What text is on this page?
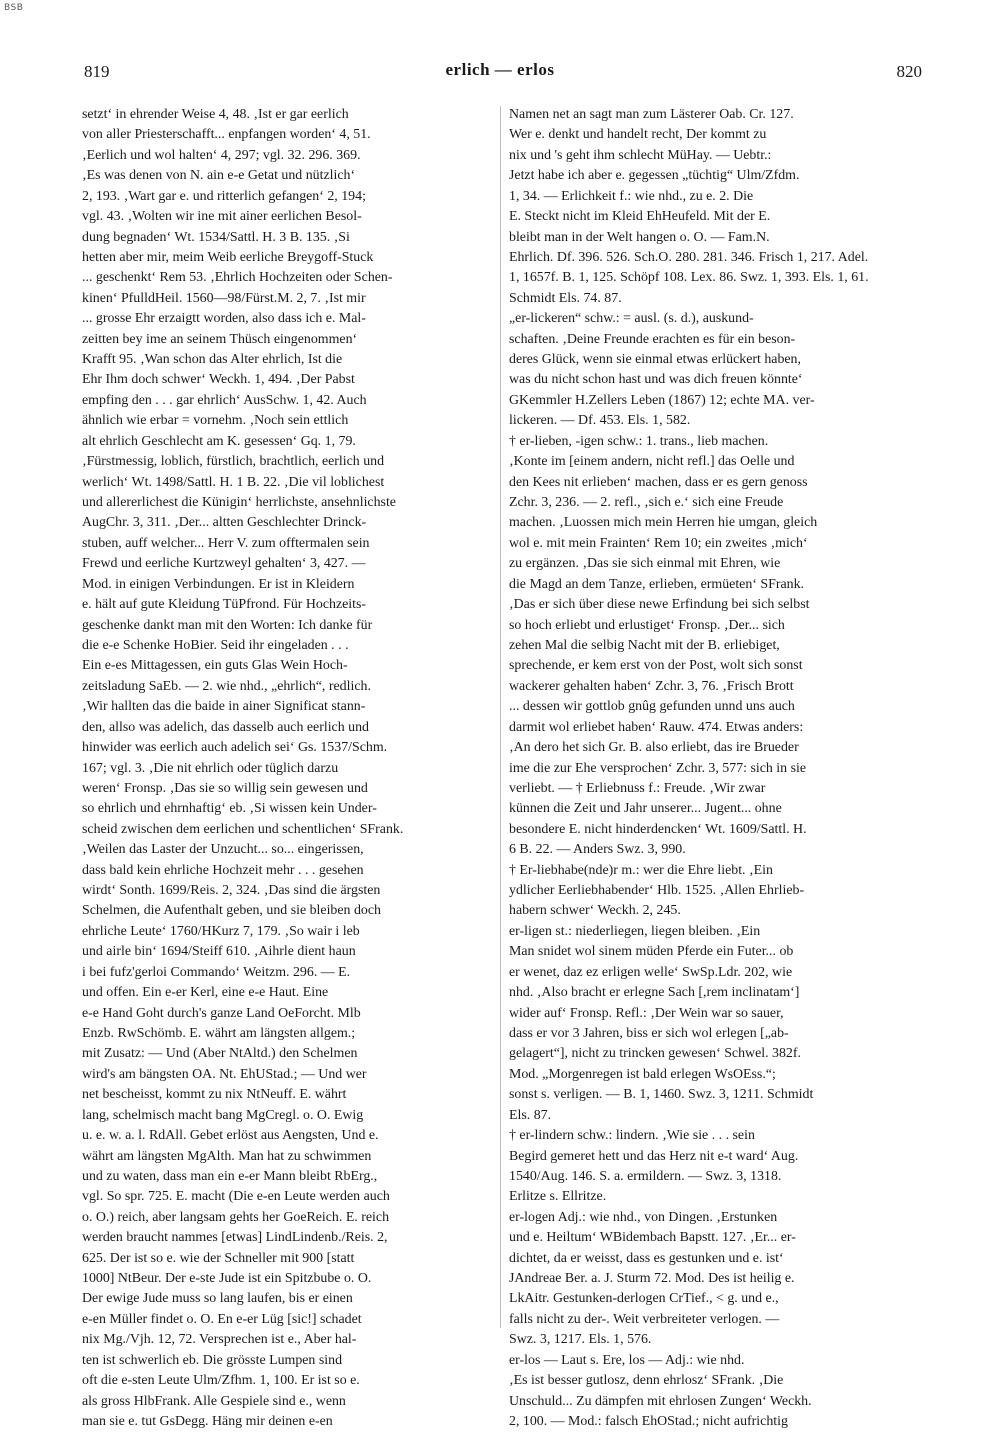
BSB
819	erlich — erlos	820

setzt‘ in ehrender Weise 4, 48. ‚Ist er gar eerlich

von aller Priesterschafft... enpfangen worden‘ 4, 51.

‚Eerlich und wol halten‘ 4, 297; vgl. 32. 296. 369.

‚Es was denen von N. ain e-e Getat und nützlich‘

2, 193. ‚Wart gar e. und ritterlich gefangen‘ 2, 194;

vgl. 43. ‚Wolten wir ine mit ainer eerlichen Besol-

dung begnaden‘ Wt. 1534/Sattl. H. 3 B. 135. ‚Si

hetten aber mir, meim Weib eerliche Breygoff-Stuck

... geschenkt‘ Rem 53. ‚Ehrlich Hochzeiten oder Schen-

kinen‘ PfulldHeil. 1560—98/Fürst.M. 2, 7. ‚Ist mir

... grosse Ehr erzaigtt worden, also dass ich e. Mal-

zeitten bey ime an seinem Thüsch eingenommen‘

Krafft 95. ‚Wan schon das Alter ehrlich, Ist die

Ehr Ihm doch schwer‘ Weckh. 1, 494. ‚Der Pabst

empfing den . . . gar ehrlich‘ AusSchw. 1, 42. Auch

ähnlich wie erbar = vornehm. ‚Noch sein ettlich

alt ehrlich Geschlecht am K. gesessen‘ Gq. 1, 79.

‚Fürstmessig, loblich, fürstlich, brachtlich, eerlich und

werlich‘ Wt. 1498/Sattl. H. 1 B. 22. ‚Die vil loblichest

und allererlichest die Künigin‘ herrlichste, ansehnlichste

AugChr. 3, 311. ‚Der... altten Geschlechter Drinck-

stuben, auff welcher... Herr V. zum offtermalen sein

Frewd und eerliche Kurtzweyl gehalten‘ 3, 427. —

Mod. in einigen Verbindungen. Er ist in Kleidern

e. hält auf gute Kleidung TüPfrond. Für Hochzeits-

geschenke dankt man mit den Worten: Ich danke für

die e-e Schenke HoBier. Seid ihr eingeladen . . .

Ein e-es Mittagessen, ein guts Glas Wein Hoch-

zeitsladung SaEb. — 2. wie nhd., „ehrlich“, redlich.

‚Wir hallten das die baide in ainer Significat stann-

den, allso was adelich, das dasselb auch eerlich und

hinwider was eerlich auch adelich sei‘ Gs. 1537/Schm.

167; vgl. 3. ‚Die nit ehrlich oder tüglich darzu

weren‘ Fronsp. ‚Das sie so willig sein gewesen und

so ehrlich und ehrnhaftig‘ eb. ‚Si wissen kein Under-

scheid zwischen dem eerlichen und schentlichen‘ SFrank.

‚Weilen das Laster der Unzucht... so... eingerissen,

dass bald kein ehrliche Hochzeit mehr . . . gesehen

wirdt‘ Sonth. 1699/Reis. 2, 324. ‚Das sind die ärgsten

Schelmen, die Aufenthalt geben, und sie bleiben doch

ehrliche Leute‘ 1760/HKurz 7, 179. ‚So wair i leb

und airle bin‘ 1694/Steiff 610. ‚Aihrle dient haun

i bei fufz'gerloi Commando‘ Weitzm. 296. — E.

und offen. Ein e-er Kerl, eine e-e Haut. Eine

e-e Hand Goht durch's ganze Land OeForcht. Mlb

Enzb. RwSchömb. E. währt am längsten allgem.;

mit Zusatz: — Und (Aber NtAltd.) den Schelmen

wird's am bängsten OA. Nt. EhUStad.; — Und wer

net bescheisst, kommt zu nix NtNeuff. E. währt

lang, schelmisch macht bang MgCregl. o. O. Ewig

u. e. w. a. l. RdAll. Gebet erlöst aus Aengsten, Und e.

währt am längsten MgAlth. Man hat zu schwimmen

und zu waten, dass man ein e-er Mann bleibt RbErg.,

vgl. So spr. 725. E. macht (Die e-en Leute werden auch

o. O.) reich, aber langsam gehts her GoeReich. E. reich

werden braucht nammes [etwas] LindLindenb./Reis. 2,

625. Der ist so e. wie der Schneller mit 900 [statt

1000] NtBeur. Der e-ste Jude ist ein Spitzbube o. O.

Der ewige Jude muss so lang laufen, bis er einen

e-en Müller findet o. O. En e-er Lüg [sic!] schadet

nix Mg./Vjh. 12, 72. Versprechen ist e., Aber hal-

ten ist schwerlich eb. Die grösste Lumpen sind

oft die e-sten Leute Ulm/Zfhm. 1, 100. Er ist so e.

als gross HlbFrank. Alle Gespiele sind e., wenn

man sie e. tut GsDegg. Häng mir deinen e-en

Namen net an sagt man zum Lästerer Oab. Cr. 127.

Wer e. denkt und handelt recht, Der kommt zu

nix und 's geht ihm schlecht MüHay. — Uebtr.:

Jetzt habe ich aber e. gegessen „tüchtig“ Ulm/Zfdm.

1, 34. — Erlichkeit f.: wie nhd., zu e. 2. Die

E. Steckt nicht im Kleid EhHeufeld. Mit der E.

bleibt man in der Welt hangen o. O. — Fam.N.

Ehrlich. Df. 396. 526. Sch.O. 280. 281. 346. Frisch 1, 217. Adel.

1, 1657f. B. 1, 125. Schöpf 108. Lex. 86. Swz. 1, 393. Els. 1, 61.

Schmidt Els. 74. 87.

„er-lickeren“ schw.: = ausl. (s. d.), auskund-

schaften. ‚Deine Freunde erachten es für ein beson-

deres Glück, wenn sie einmal etwas erlückert haben,

was du nicht schon hast und was dich freuen könnte‘

GKemmler H.Zellers Leben (1867) 12; echte MA. ver-

lickeren. — Df. 453. Els. 1, 582.

† er-lieben, -igen schw.: 1. trans., lieb machen.

‚Konte im [einem andern, nicht refl.] das Oelle und

den Kees nit erlieben‘ machen, dass er es gern genoss

Zchr. 3, 236. — 2. refl., ‚sich e.‘ sich eine Freude

machen. ‚Luossen mich mein Herren hie umgan, gleich

wol e. mit mein Frainten‘ Rem 10; ein zweites ‚mich‘

zu ergänzen. ‚Das sie sich einmal mit Ehren, wie

die Magd an dem Tanze, erlieben, ermüeten‘ SFrank.

‚Das er sich über diese newe Erfindung bei sich selbst

so hoch erliebt und erlustiget‘ Fronsp. ‚Der... sich

zehen Mal die selbig Nacht mit der B. erliebiget,

sprechende, er kem erst von der Post, wolt sich sonst

wackerer gehalten haben‘ Zchr. 3, 76. ‚Frisch Brott

... dessen wir gottlob gnûg gefunden unnd uns auch

darmit wol erliebet haben‘ Rauw. 474. Etwas anders:

‚An dero het sich Gr. B. also erliebt, das ire Brueder

ime die zur Ehe versprochen‘ Zchr. 3, 577: sich in sie

verliebt. — † Erliebnuss f.: Freude. ‚Wir zwar

künnen die Zeit und Jahr unserer... Jugent... ohne

besondere E. nicht hinderdencken‘ Wt. 1609/Sattl. H.

6 B. 22. — Anders Swz. 3, 990.

† Er-liebhabe(nde)r m.: wer die Ehre liebt. ‚Ein

ydlicher Eerliebhabender‘ Hlb. 1525. ‚Allen Ehrlieb-

habern schwer‘ Weckh. 2, 245.

er-ligen st.: niederliegen, liegen bleiben. ‚Ein

Man snidet wol sinem müden Pferde ein Futer... ob

er wenet, daz ez erligen welle‘ SwSp.Ldr. 202, wie

nhd. ‚Also bracht er erlegne Sach [,rem inclinatam‘]

wider auf‘ Fronsp. Refl.: ‚Der Wein war so sauer,

dass er vor 3 Jahren, biss er sich wol erlegen [„ab-

gelagert“], nicht zu trincken gewesen‘ Schwel. 382f.

Mod. „Morgenregen ist bald erlegen WsOEss.“;

sonst s. verligen. — B. 1, 1460. Swz. 3, 1211. Schmidt

Els. 87.

† er-lindern schw.: lindern. ‚Wie sie . . . sein

Begird gemeret hett und das Herz nit e-t ward‘ Aug.

1540/Aug. 146. S. a. ermildern. — Swz. 3, 1318.

Erlitze s. Ellritze.

er-logen Adj.: wie nhd., von Dingen. ‚Erstunken

und e. Heiltum‘ WBidembach Bapstt. 127. ‚Er... er-

dichtet, da er weisst, dass es gestunken und e. ist‘

JAndreae Ber. a. J. Sturm 72. Mod. Des ist heilig e.

LkAitr. Gestunken-derlogen CrTief., < g. und e.,

falls nicht zu der-. Weit verbreiteter verlogen. —

Swz. 3, 1217. Els. 1, 576.

er-los — Laut s. Ere, los — Adj.: wie nhd.

‚Es ist besser gutlosz, denn ehrlosz‘ SFrank. ‚Die

Unschuld... Zu dämpfen mit ehrlosen Zungen‘ Weckh.

2, 100. — Mod.: falsch EhOStad.; nicht aufrichtig
